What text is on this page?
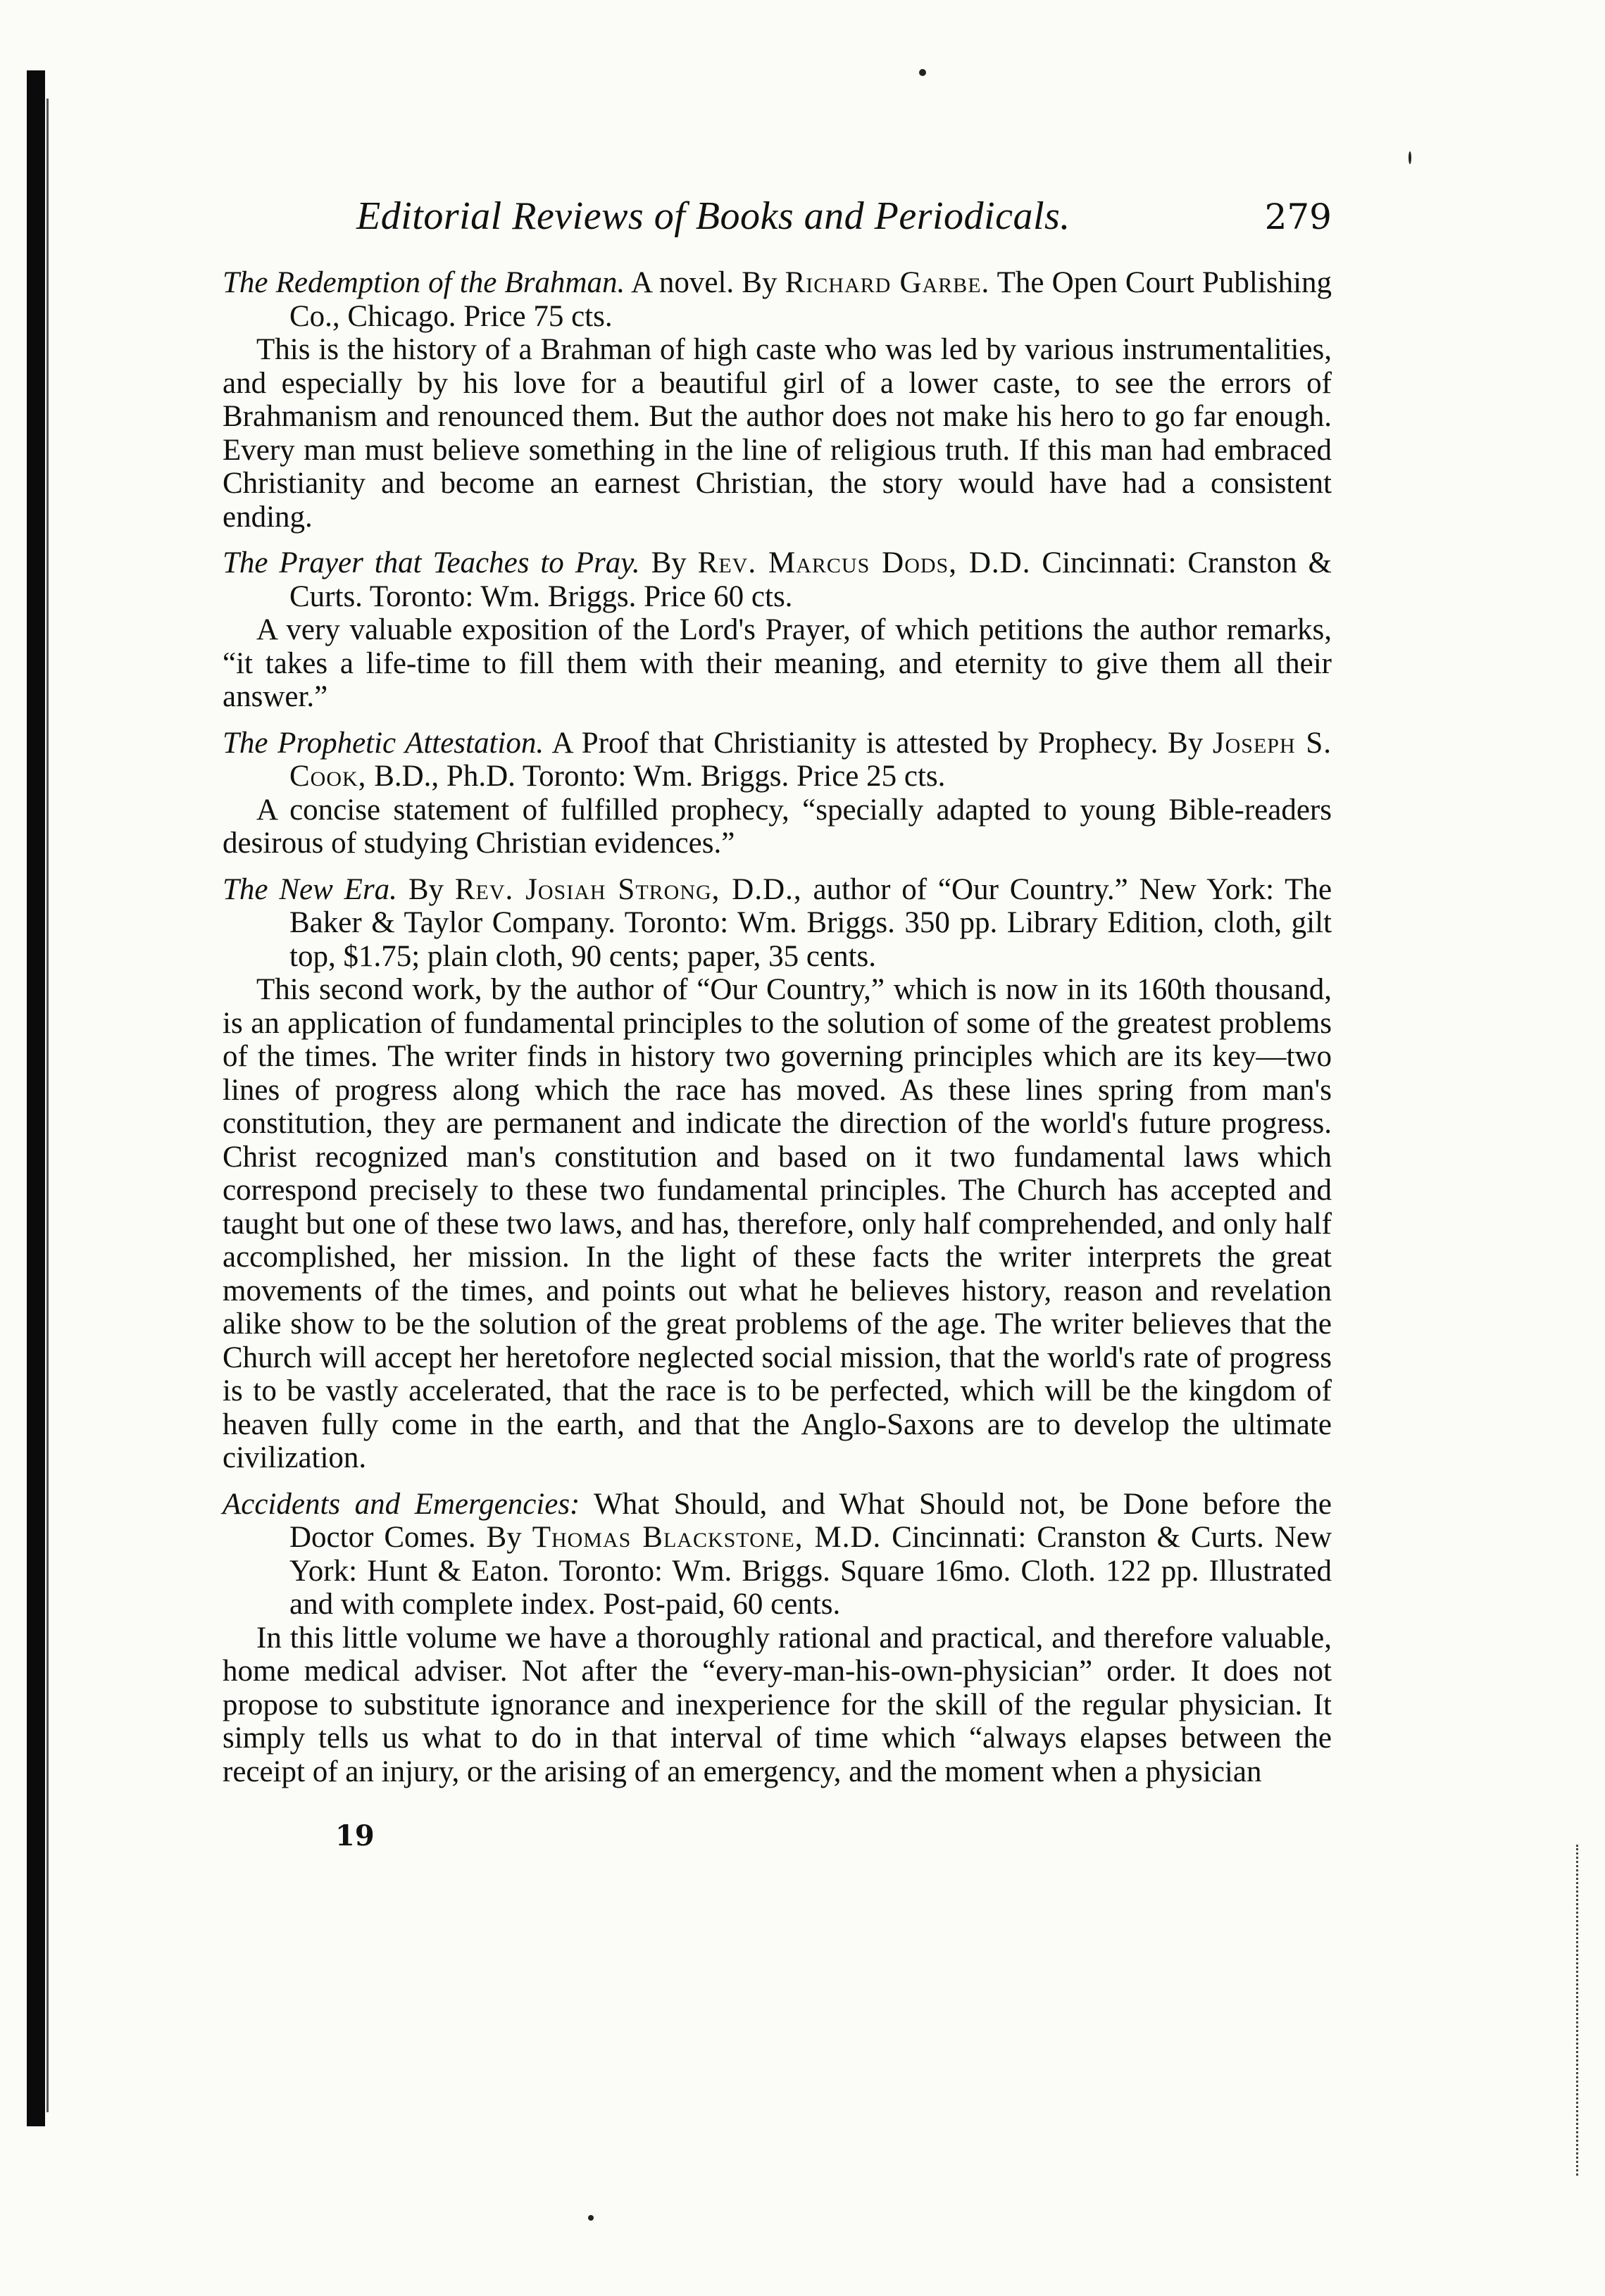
Editorial Reviews of Books and Periodicals.	279
The Redemption of the Brahman. A novel. By Richard Garbe. The Open Court Publishing Co., Chicago. Price 75 cts.

This is the history of a Brahman of high caste who was led by various instrumentalities, and especially by his love for a beautiful girl of a lower caste, to see the errors of Brahmanism and renounced them. But the author does not make his hero to go far enough. Every man must believe something in the line of religious truth. If this man had embraced Christianity and become an earnest Christian, the story would have had a consistent ending.

The Prayer that Teaches to Pray. By Rev. Marcus Dods, D.D. Cincinnati: Cranston & Curts. Toronto: Wm. Briggs. Price 60 cts.

A very valuable exposition of the Lord's Prayer, of which petitions the author remarks, “it takes a life-time to fill them with their meaning, and eternity to give them all their answer.”

The Prophetic Attestation. A Proof that Christianity is attested by Prophecy. By Joseph S. Cook, B.D., Ph.D. Toronto: Wm. Briggs. Price 25 cts.

A concise statement of fulfilled prophecy, “specially adapted to young Bible-readers desirous of studying Christian evidences.”

The New Era. By Rev. Josiah Strong, D.D., author of “Our Country.” New York: The Baker & Taylor Company. Toronto: Wm. Briggs. 350 pp. Library Edition, cloth, gilt top, $1.75; plain cloth, 90 cents; paper, 35 cents.

This second work, by the author of “Our Country,” which is now in its 160th thousand, is an application of fundamental principles to the solution of some of the greatest problems of the times. The writer finds in history two governing principles which are its key—two lines of progress along which the race has moved. As these lines spring from man's constitution, they are permanent and indicate the direction of the world's future progress. Christ recognized man's constitution and based on it two fundamental laws which correspond precisely to these two fundamental principles. The Church has accepted and taught but one of these two laws, and has, therefore, only half comprehended, and only half accomplished, her mission. In the light of these facts the writer interprets the great movements of the times, and points out what he believes history, reason and revelation alike show to be the solution of the great problems of the age. The writer believes that the Church will accept her heretofore neglected social mission, that the world's rate of progress is to be vastly accelerated, that the race is to be perfected, which will be the kingdom of heaven fully come in the earth, and that the Anglo-Saxons are to develop the ultimate civilization.

Accidents and Emergencies: What Should, and What Should not, be Done before the Doctor Comes. By Thomas Blackstone, M.D. Cincinnati: Cranston & Curts. New York: Hunt & Eaton. Toronto: Wm. Briggs. Square 16mo. Cloth. 122 pp. Illustrated and with complete index. Post-paid, 60 cents.

In this little volume we have a thoroughly rational and practical, and therefore valuable, home medical adviser. Not after the “every-man-his-own-physician” order. It does not propose to substitute ignorance and inexperience for the skill of the regular physician. It simply tells us what to do in that interval of time which “always elapses between the receipt of an injury, or the arising of an emergency, and the moment when a physician

19
